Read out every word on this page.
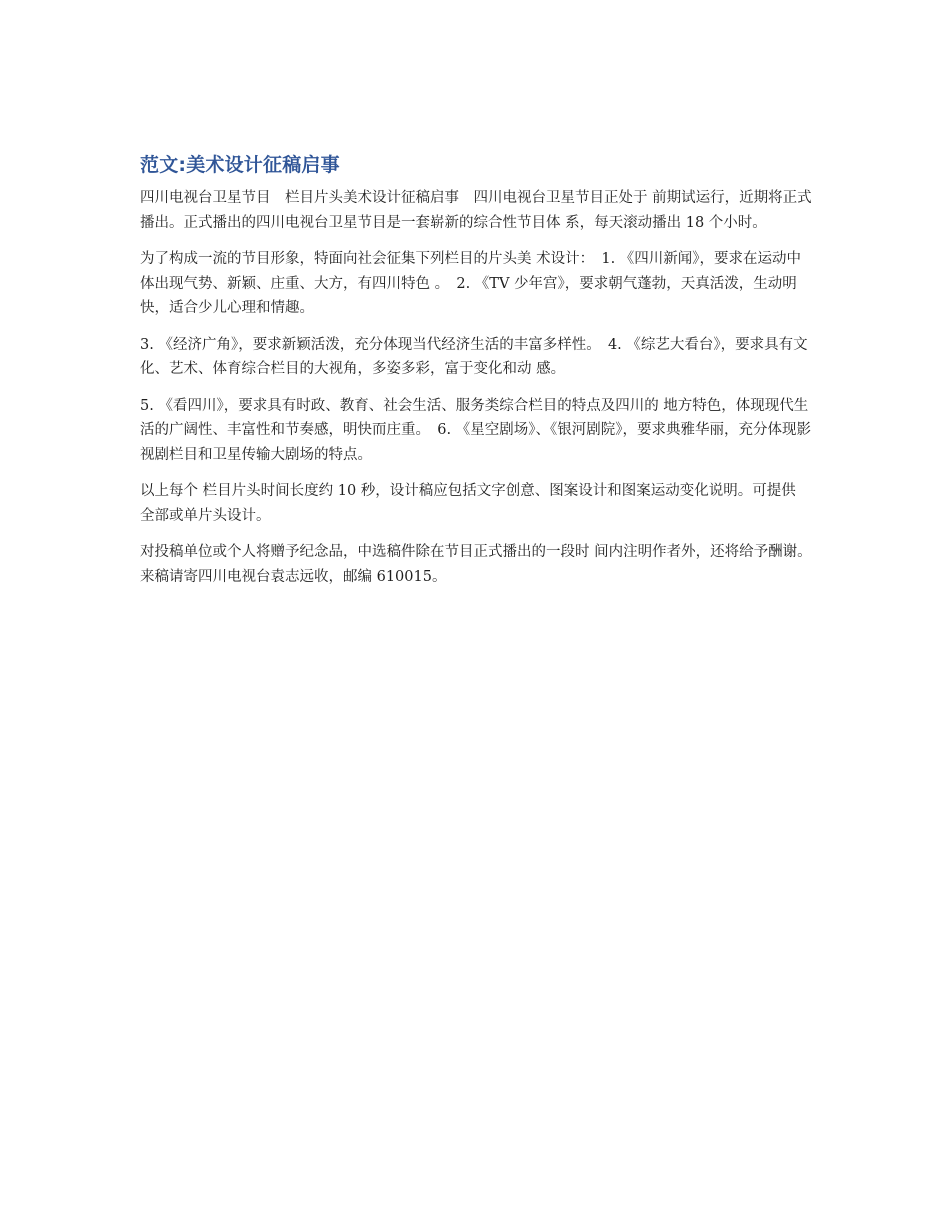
范文:美术设计征稿启事

四川电视台卫星节目　栏目片头美术设计征稿启事　四川电视台卫星节目正处于 前期试运行，近期将正式播出。正式播出的四川电视台卫星节目是一套崭新的综合性节目体 系，每天滚动播出 18 个小时。

为了构成一流的节目形象，特面向社会征集下列栏目的片头美 术设计：　1. 《四川新闻》，要求在运动中体出现气势、新颖、庄重、大方，有四川特色 。　2. 《TV 少年宫》，要求朝气蓬勃，天真活泼，生动明快，适合少儿心理和情趣。

3. 《经济广角》，要求新颖活泼，充分体现当代经济生活的丰富多样性。　4. 《综艺大看台》，要求具有文化、艺术、体育综合栏目的大视角，多姿多彩，富于变化和动 感。

5. 《看四川》，要求具有时政、教育、社会生活、服务类综合栏目的特点及四川的 地方特色，体现现代生活的广阔性、丰富性和节奏感，明快而庄重。　6. 《星空剧场》、《银河剧院》，要求典雅华丽，充分体现影视剧栏目和卫星传输大剧场的特点。

以上每个 栏目片头时间长度约 10 秒，设计稿应包括文字创意、图案设计和图案运动变化说明。可提供 全部或单片头设计。

对投稿单位或个人将赠予纪念品，中选稿件除在节目正式播出的一段时 间内注明作者外，还将给予酬谢。来稿请寄四川电视台袁志远收，邮编 610015。
